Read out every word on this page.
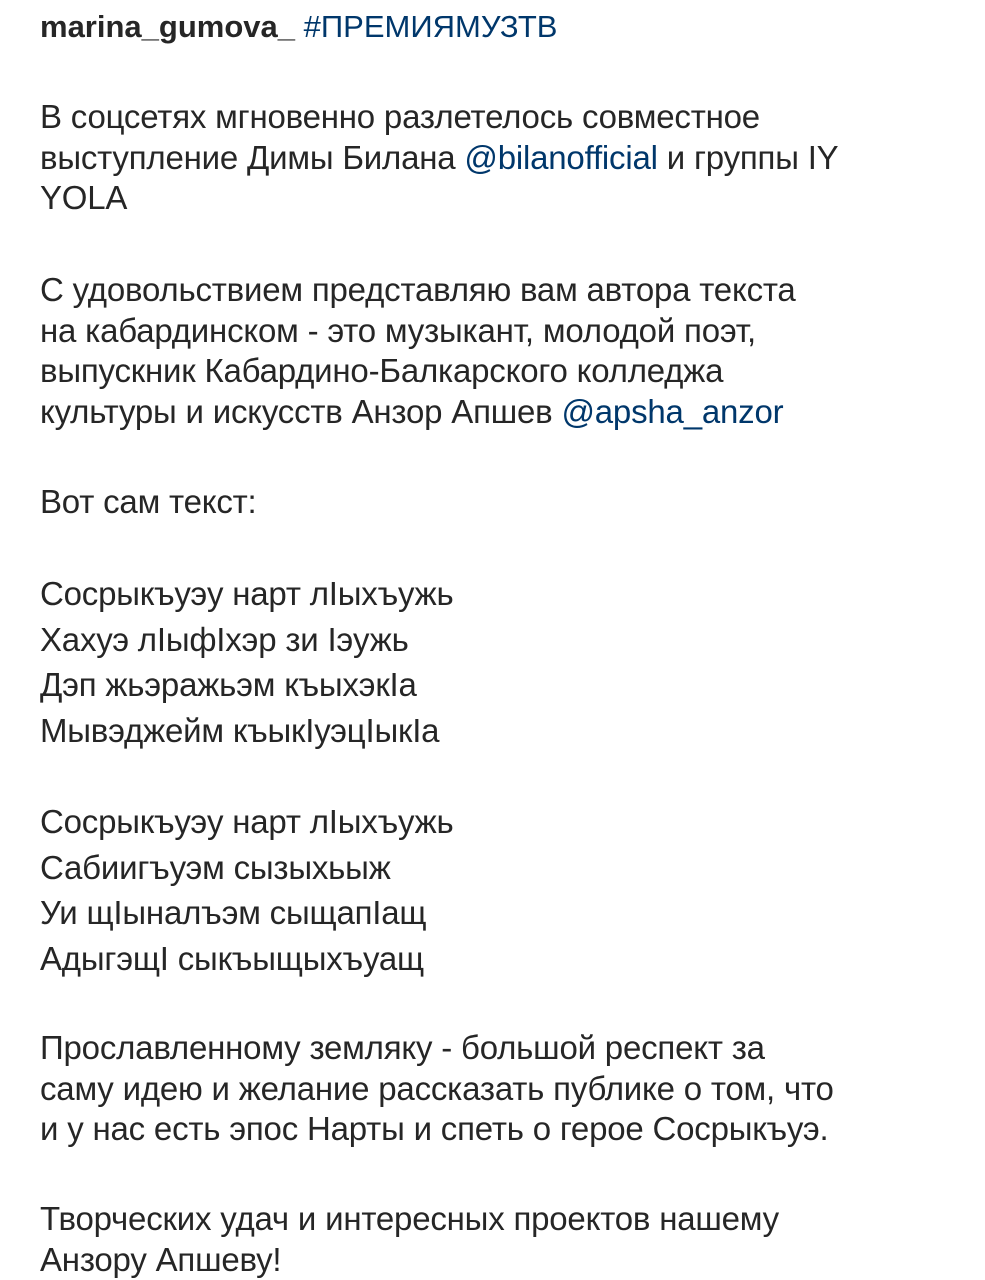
marina_gumova_ #ПРЕМИЯМУЗТВ
В соцсетях мгновенно разлетелось совместное
выступление Димы Билана @bilanofficial и группы IY
YOLA
С удовольствием представляю вам автора текста
на кабардинском - это музыкант, молодой поэт,
выпускник Кабардино-Балкарского колледжа
культуры и искусств Анзор Апшев @apsha_anzor
Вот сам текст:
Сосрыкъуэу нарт лIыхъужь
Хахуэ лIыфIхэр зи Iэужь
Дэп жьэражьэм къыхэкIа
Мывэджейм къыкIуэцIыкIа
Сосрыкъуэу нарт лIыхъужь
Сабиигъуэм сызыхьыж
Уи щIыналъэм сыщапIащ
АдыгэщI сыкъыщыхъуащ
Прославленному земляку - большой респект за
саму идею и желание рассказать публике о том, что
и у нас есть эпос Нарты и спеть о герое Сосрыкъуэ.
Творческих удач и интересных проектов нашему
Анзору Апшеву!
